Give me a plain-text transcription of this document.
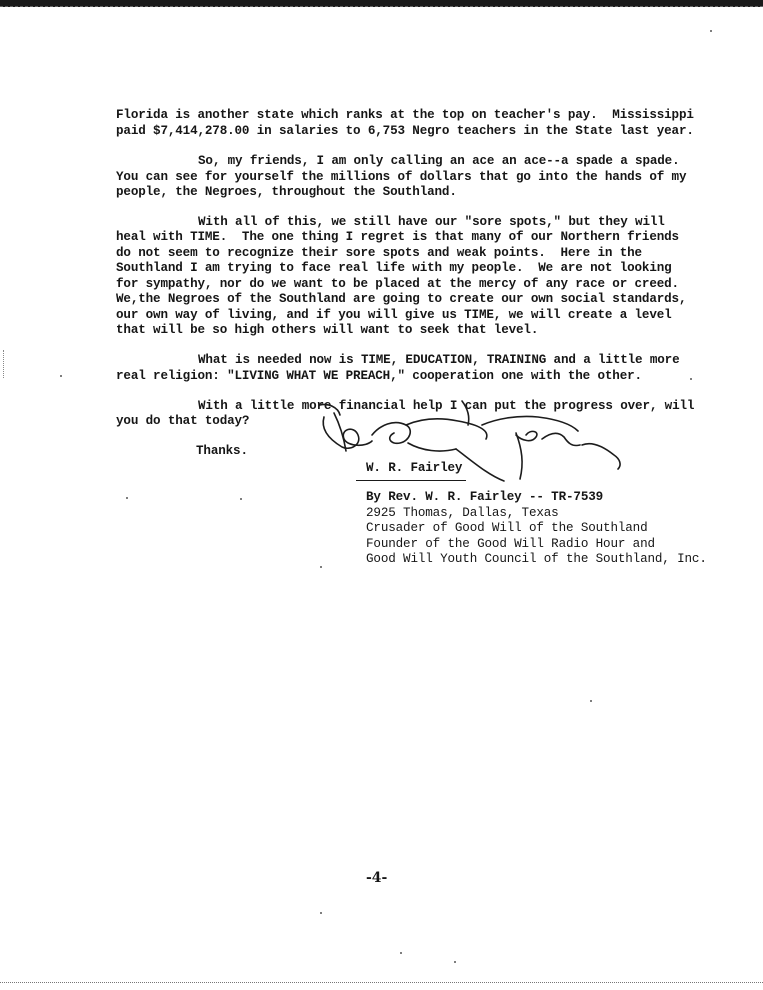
Florida is another state which ranks at the top on teacher's pay.  Mississippi
paid $7,414,278.00 in salaries to 6,753 Negro teachers in the State last year.
So, my friends, I am only calling an ace an ace--a spade a spade.
You can see for yourself the millions of dollars that go into the hands of my
people, the Negroes, throughout the Southland.
With all of this, we still have our "sore spots," but they will
heal with TIME.  The one thing I regret is that many of our Northern friends
do not seem to recognize their sore spots and weak points.  Here in the
Southland I am trying to face real life with my people.  We are not looking
for sympathy, nor do we want to be placed at the mercy of any race or creed.
We,the Negroes of the Southland are going to create our own social standards,
our own way of living, and if you will give us TIME, we will create a level
that will be so high others will want to seek that level.
What is needed now is TIME, EDUCATION, TRAINING and a little more
real religion: "LIVING WHAT WE PREACH," cooperation one with the other.
With a little more financial help I can put the progress over, will
you do that today?
Thanks.
W. R. Fairley
By Rev. W. R. Fairley -- TR-7539
2925 Thomas, Dallas, Texas
Crusader of Good Will of the Southland
Founder of the Good Will Radio Hour and
Good Will Youth Council of the Southland, Inc.
-4-
